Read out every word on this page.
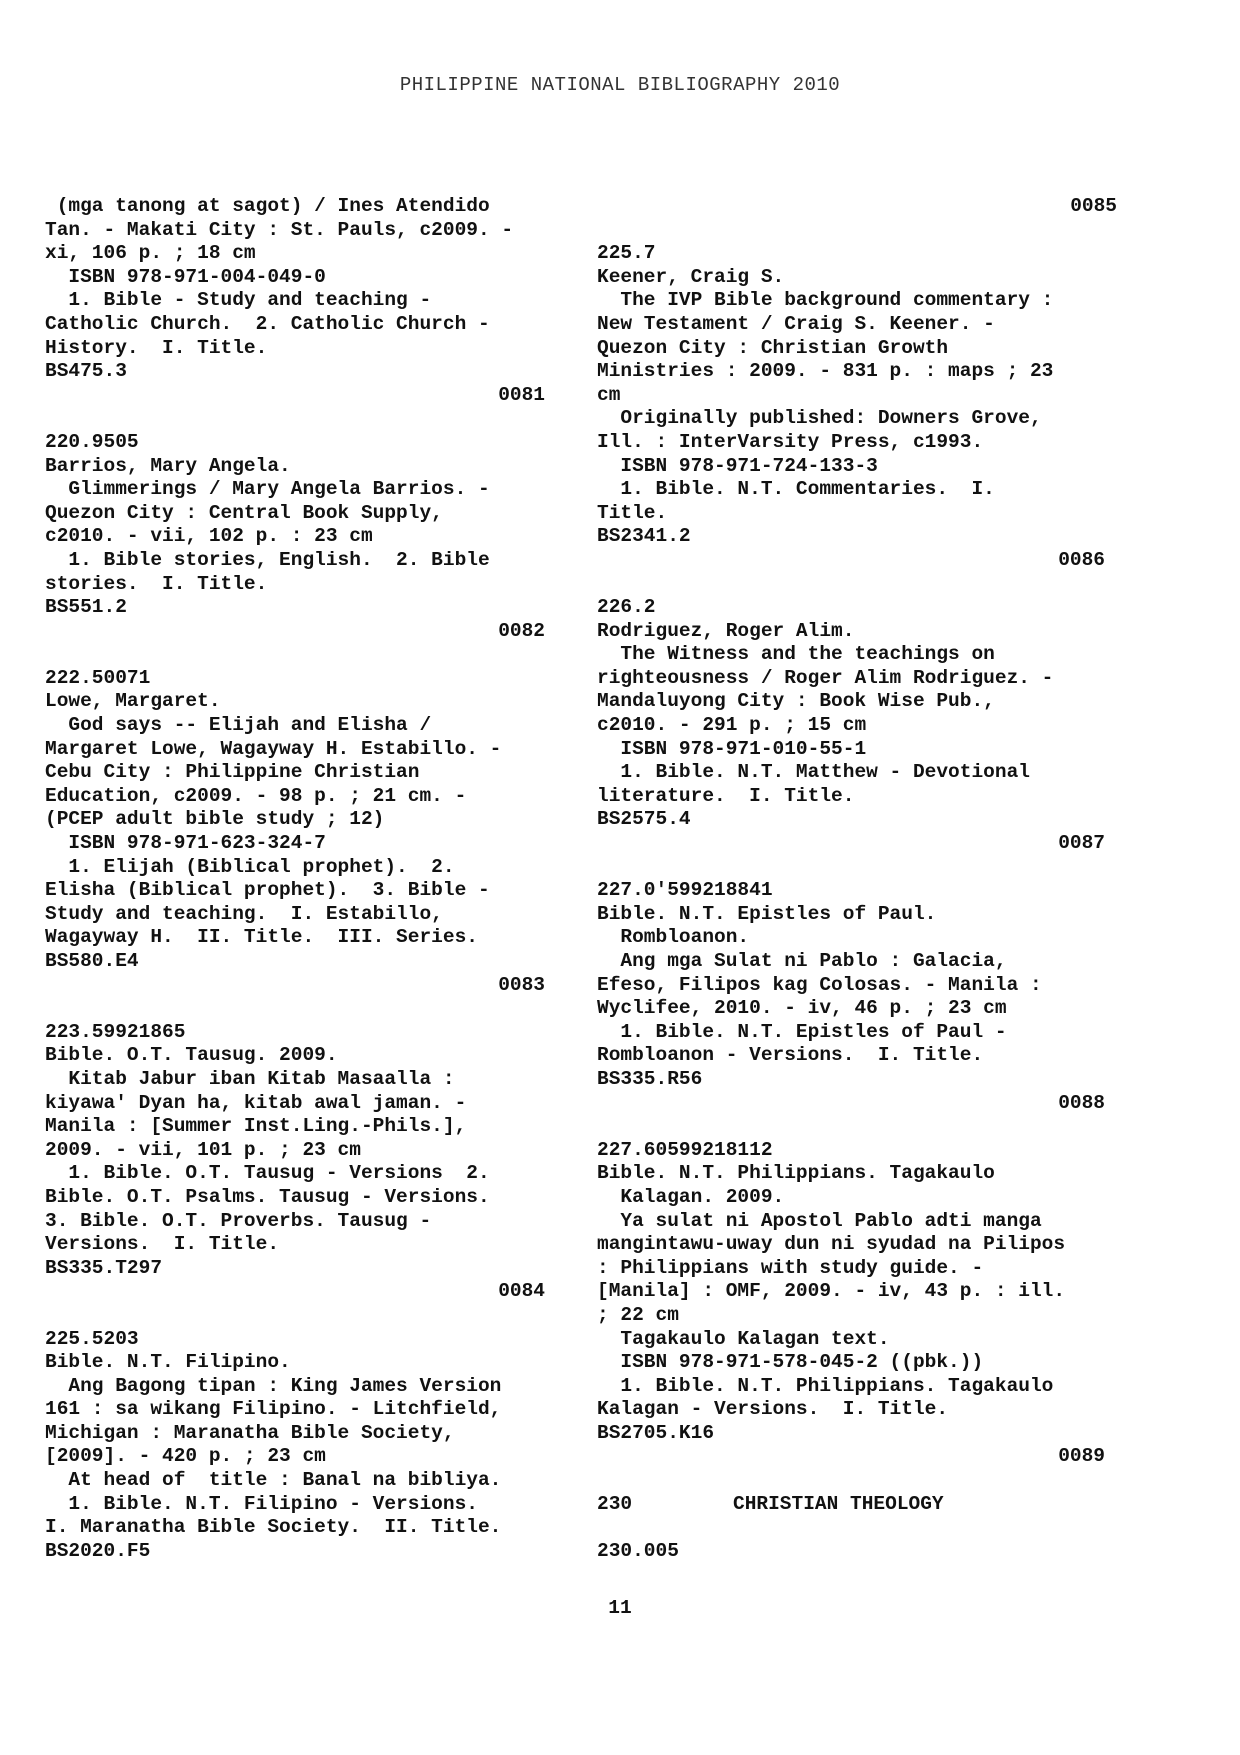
PHILIPPINE NATIONAL BIBLIOGRAPHY 2010
(mga tanong at sagot) / Ines Atendido
Tan. - Makati City : St. Pauls, c2009. -
xi, 106 p. ; 18 cm
ISBN 978-971-004-049-0
1. Bible - Study and teaching -
Catholic Church.  2. Catholic Church -
History.  I. Title.
BS475.3
0081
220.9505
Barrios, Mary Angela.
Glimmerings / Mary Angela Barrios. -
Quezon City : Central Book Supply,
c2010. - vii, 102 p. : 23 cm
1. Bible stories, English.  2. Bible
stories.  I. Title.
BS551.2
0082
222.50071
Lowe, Margaret.
God says -- Elijah and Elisha /
Margaret Lowe, Wagayway H. Estabillo. -
Cebu City : Philippine Christian
Education, c2009. - 98 p. ; 21 cm. -
(PCEP adult bible study ; 12)
ISBN 978-971-623-324-7
1. Elijah (Biblical prophet).  2.
Elisha (Biblical prophet).  3. Bible -
Study and teaching.  I. Estabillo,
Wagayway H.  II. Title.  III. Series.
BS580.E4
0083
223.59921865
Bible. O.T. Tausug. 2009.
Kitab Jabur iban Kitab Masaalla :
kiyawa' Dyan ha, kitab awal jaman. -
Manila : [Summer Inst.Ling.-Phils.],
2009. - vii, 101 p. ; 23 cm
1. Bible. O.T. Tausug - Versions  2.
Bible. O.T. Psalms. Tausug - Versions.
3. Bible. O.T. Proverbs. Tausug -
Versions.  I. Title.
BS335.T297
0084
225.5203
Bible. N.T. Filipino.
Ang Bagong tipan : King James Version
161 : sa wikang Filipino. - Litchfield,
Michigan : Maranatha Bible Society,
[2009]. - 420 p. ; 23 cm
At head of  title : Banal na bibliya.
1. Bible. N.T. Filipino - Versions.
I. Maranatha Bible Society.  II. Title.
BS2020.F5
0085
225.7
Keener, Craig S.
The IVP Bible background commentary :
New Testament / Craig S. Keener. -
Quezon City : Christian Growth
Ministries : 2009. - 831 p. : maps ; 23
cm
Originally published: Downers Grove,
Ill. : InterVarsity Press, c1993.
ISBN 978-971-724-133-3
1. Bible. N.T. Commentaries.  I.
Title.
BS2341.2
0086
226.2
Rodriguez, Roger Alim.
The Witness and the teachings on
righteousness / Roger Alim Rodriguez. -
Mandaluyong City : Book Wise Pub.,
c2010. - 291 p. ; 15 cm
ISBN 978-971-010-55-1
1. Bible. N.T. Matthew - Devotional
literature.  I. Title.
BS2575.4
0087
227.0'599218841
Bible. N.T. Epistles of Paul.
Rombloanon.
Ang mga Sulat ni Pablo : Galacia,
Efeso, Filipos kag Colosas. - Manila :
Wyclifee, 2010. - iv, 46 p. ; 23 cm
1. Bible. N.T. Epistles of Paul -
Rombloanon - Versions.  I. Title.
BS335.R56
0088
227.60599218112
Bible. N.T. Philippians. Tagakaulo
Kalagan. 2009.
Ya sulat ni Apostol Pablo adti manga
mangintawu-uway dun ni syudad na Pilipos
: Philippians with study guide. -
[Manila] : OMF, 2009. - iv, 43 p. : ill.
; 22 cm
Tagakaulo Kalagan text.
ISBN 978-971-578-045-2 ((pbk.))
1. Bible. N.T. Philippians. Tagakaulo
Kalagan - Versions.  I. Title.
BS2705.K16
0089
230	CHRISTIAN THEOLOGY
230.005
11
